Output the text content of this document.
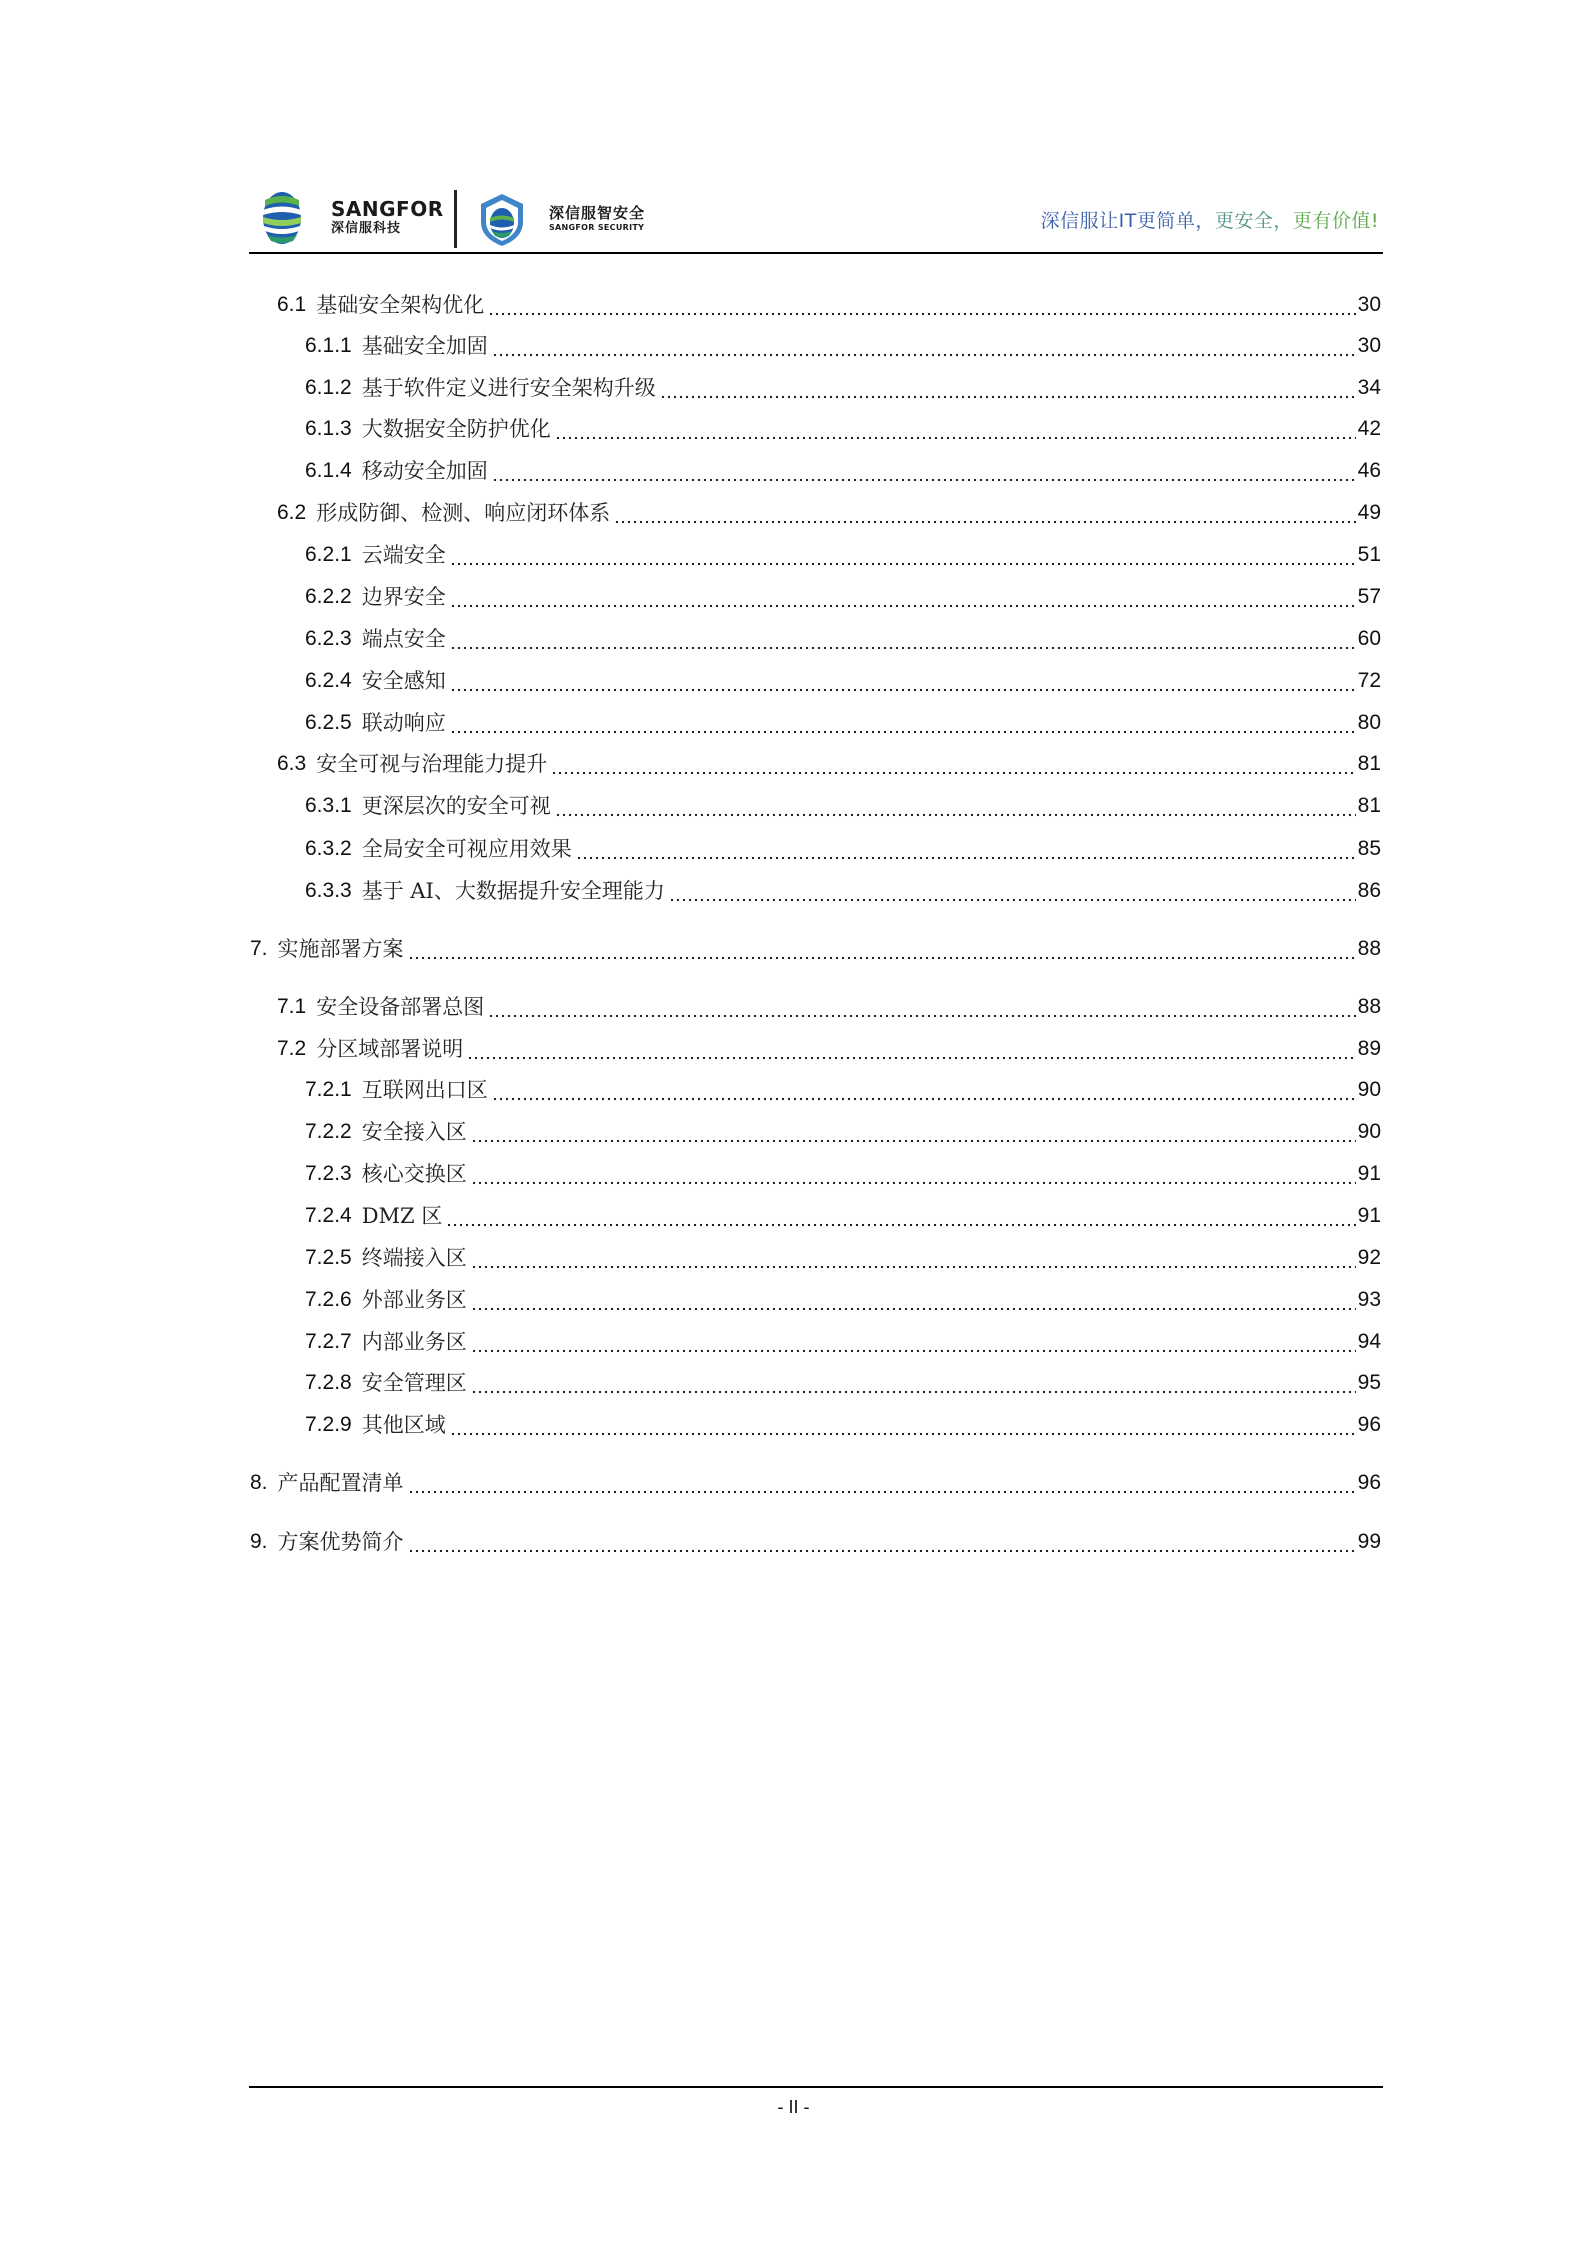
SANGFOR
深信服科技
深信服智安全
SANGFOR SECURITY	深信服让IT更简单，更安全，更有价值!
6.1 基础安全架构优化	30
6.1.1 基础安全加固	30
6.1.2 基于软件定义进行安全架构升级	34
6.1.3 大数据安全防护优化	42
6.1.4 移动安全加固	46
6.2 形成防御、检测、响应闭环体系	49
6.2.1 云端安全	51
6.2.2 边界安全	57
6.2.3 端点安全	60
6.2.4 安全感知	72
6.2.5 联动响应	80
6.3 安全可视与治理能力提升	81
6.3.1 更深层次的安全可视	81
6.3.2 全局安全可视应用效果	85
6.3.3 基于 AI、大数据提升安全理能力	86
7. 实施部署方案	88
7.1 安全设备部署总图	88
7.2 分区域部署说明	89
7.2.1 互联网出口区	90
7.2.2 安全接入区	90
7.2.3 核心交换区	91
7.2.4 DMZ 区	91
7.2.5 终端接入区	92
7.2.6 外部业务区	93
7.2.7 内部业务区	94
7.2.8 安全管理区	95
7.2.9 其他区域	96
8. 产品配置清单	96
9. 方案优势简介	99
- II -
